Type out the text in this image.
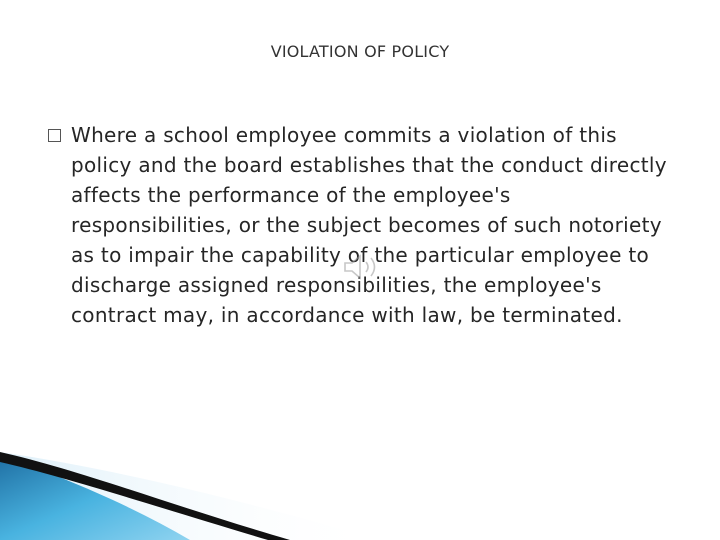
VIOLATION OF POLICY

Where a school employee commits a violation of this policy and the board establishes that the conduct directly affects the performance of the employee's responsibilities, or the subject becomes of such notoriety as to impair the capability of the particular employee to discharge assigned responsibilities, the employee's contract may, in accordance with law, be terminated.
